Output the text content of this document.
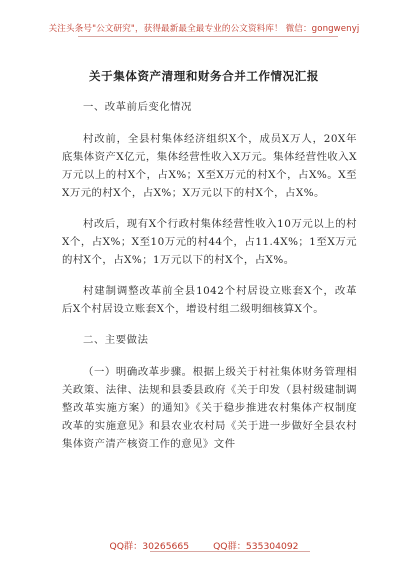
关注头条号"公文研究"，获得最新最全最专业的公文资料库！ 微信：gongwenyj
关于集体资产清理和财务合并工作情况汇报
一、改革前后变化情况
村改前，全县村集体经济组织X个，成员X万人，20X年底集体资产X亿元，集体经营性收入X万元。集体经营性收入X万元以上的村X个，占X%；X至X万元的村X个，占X%。X至X万元的村X个，占X%；X万元以下的村X个，占X%。
村改后，现有X个行政村集体经营性收入10万元以上的村X个，占X%；X至10万元的村44个，占11.4X%；1至X万元的村X个，占X%；1万元以下的村X个，占X%。
村建制调整改革前全县1042个村居设立账套X个，改革后X个村居设立账套X个，增设村组二级明细核算X个。
二、主要做法
（一）明确改革步骤。根据上级关于村社集体财务管理相关政策、法律、法规和县委县政府《关于印发（县村级建制调整改革实施方案）的通知》《关于稳步推进农村集体产权制度改革的实施意见》和县农业农村局《关于进一步做好全县农村集体资产清产核资工作的意见》文件
QQ群：30265665	QQ群：535304092
